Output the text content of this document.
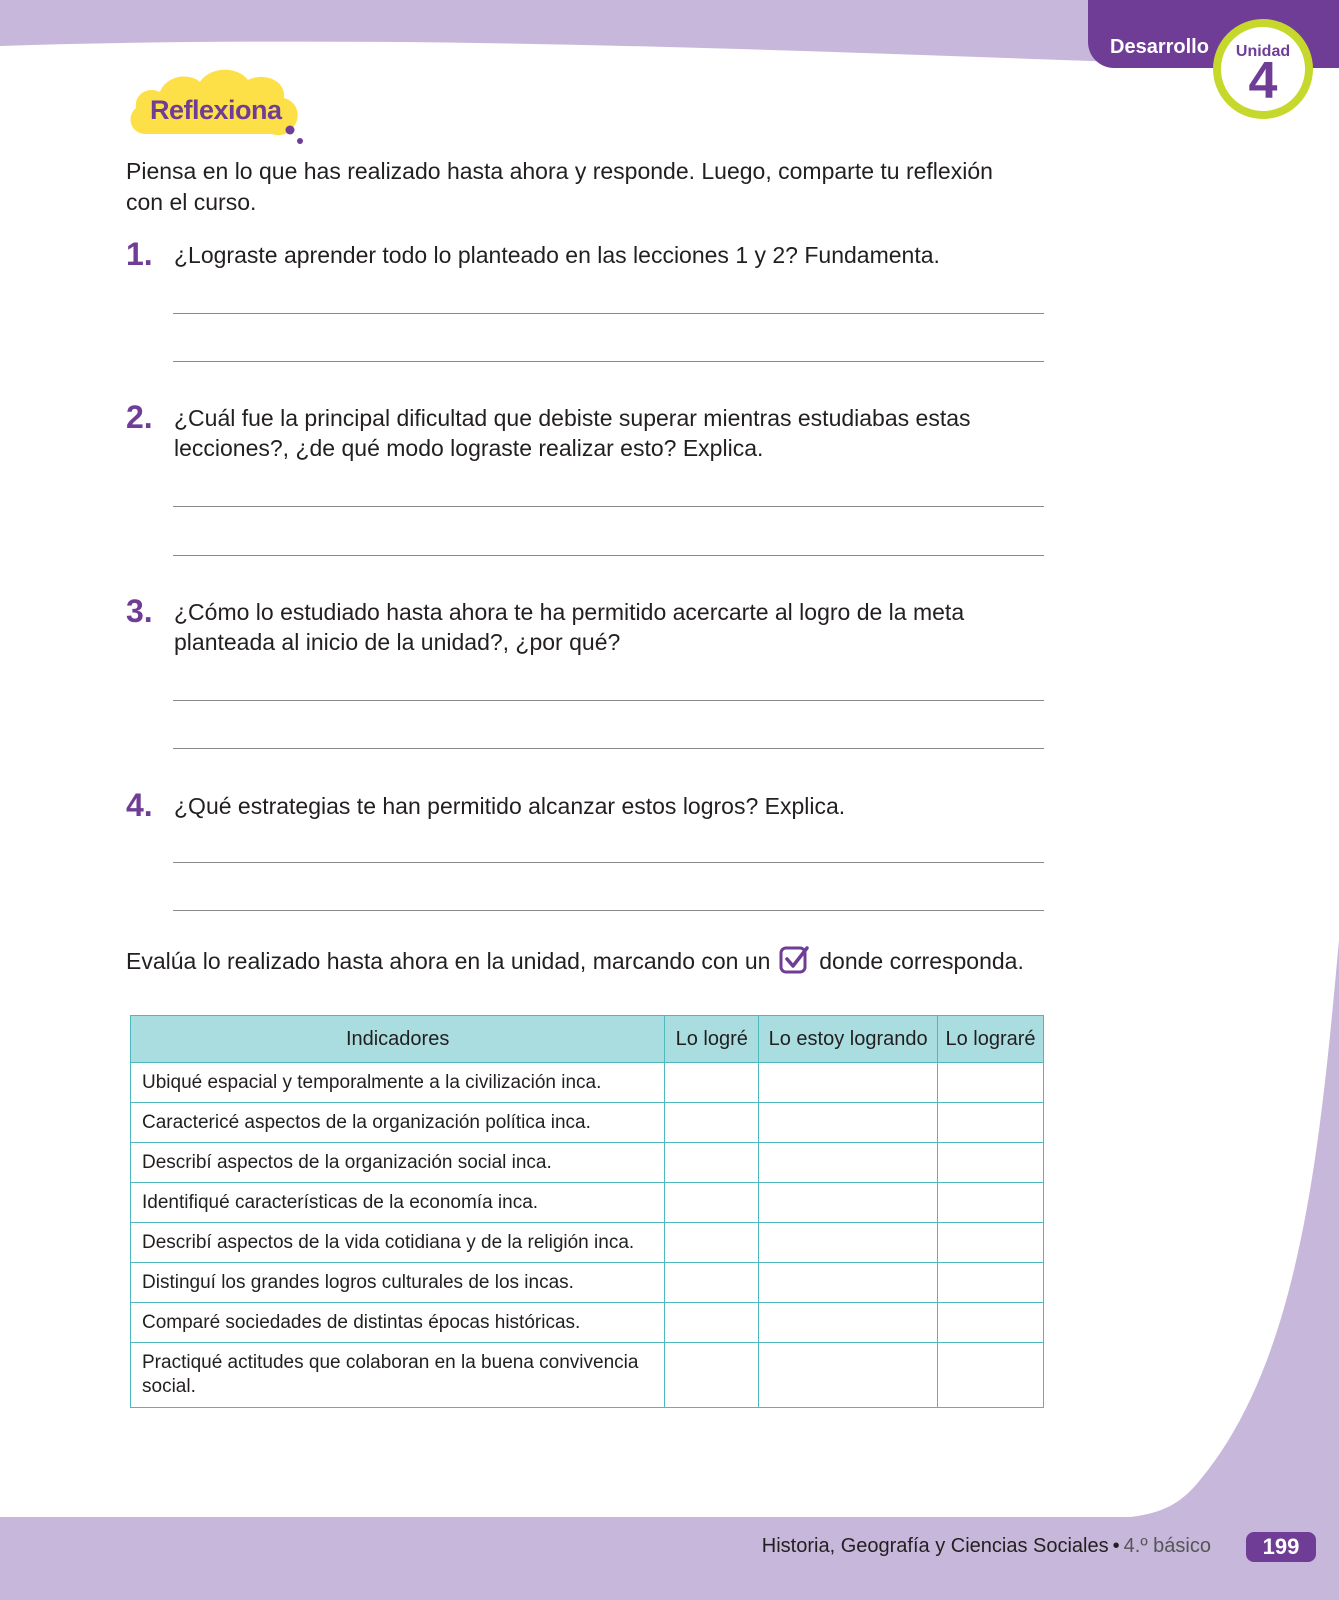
Desarrollo	Unidad
4
Reflexiona
Piensa en lo que has realizado hasta ahora y responde. Luego, comparte tu reflexión con el curso.
1. ¿Lograste aprender todo lo planteado en las lecciones 1 y 2? Fundamenta.
2. ¿Cuál fue la principal dificultad que debiste superar mientras estudiabas estas lecciones?, ¿de qué modo lograste realizar esto? Explica.
3. ¿Cómo lo estudiado hasta ahora te ha permitido acercarte al logro de la meta planteada al inicio de la unidad?, ¿por qué?
4. ¿Qué estrategias te han permitido alcanzar estos logros? Explica.
Evalúa lo realizado hasta ahora en la unidad, marcando con un donde corresponda.
Indicadores	Lo logré	Lo estoy logrando	Lo lograré
Ubiqué espacial y temporalmente a la civilización inca.			
Caractericé aspectos de la organización política inca.			
Describí aspectos de la organización social inca.			
Identifiqué características de la economía inca.			
Describí aspectos de la vida cotidiana y de la religión inca.			
Distinguí los grandes logros culturales de los incas.			
Comparé sociedades de distintas épocas históricas.			
Practiqué actitudes que colaboran en la buena convivencia social.			
Historia, Geografía y Ciencias Sociales • 4.º básico	199
